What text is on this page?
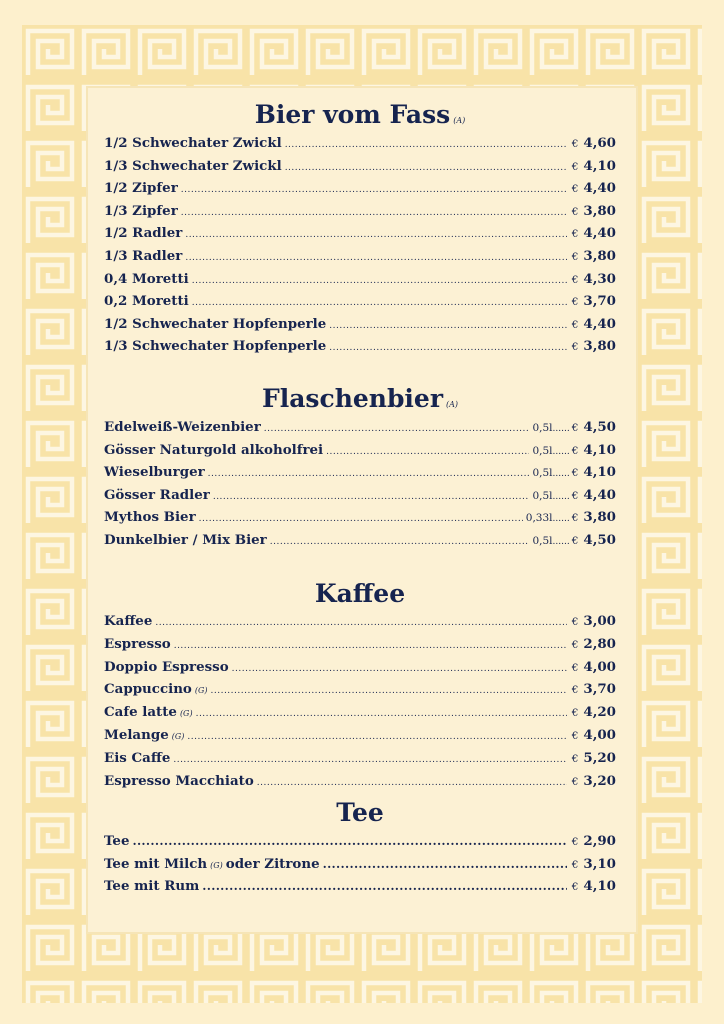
Bier vom Fass (A)
1/2 Schwechater Zwickl .....	€ 4,60
1/3 Schwechater Zwickl .....	€ 4,10
1/2 Zipfer .....	€ 4,40
1/3 Zipfer .....	€ 3,80
1/2 Radler .....	€ 4,40
1/3 Radler .....	€ 3,80
0,4 Moretti .....	€ 4,30
0,2 Moretti .....	€ 3,70
1/2 Schwechater Hopfenperle .....	€ 4,40
1/3 Schwechater Hopfenperle .....	€ 3,80
Flaschenbier (A)
Edelweiß-Weizenbier .....	0,5l ...... € 4,50
Gösser Naturgold alkoholfrei .....	0,5l ...... € 4,10
Wieselburger .....	0,5l ...... € 4,10
Gösser Radler .....	0,5l ...... € 4,40
Mythos Bier .....	0,33l ...... € 3,80
Dunkelbier / Mix Bier .....	0,5l ...... € 4,50
Kaffee
Kaffee .....	€ 3,00
Espresso .....	€ 2,80
Doppio Espresso .....	€ 4,00
Cappuccino (G) .....	€ 3,70
Cafe latte (G) .....	€ 4,20
Melange (G) .....	€ 4,00
Eis Caffe .....	€ 5,20
Espresso Macchiato .....	€ 3,20
Tee
Tee .....	€ 2,90
Tee mit Milch (G) oder Zitrone .....	€ 3,10
Tee mit Rum .....	€ 4,10
